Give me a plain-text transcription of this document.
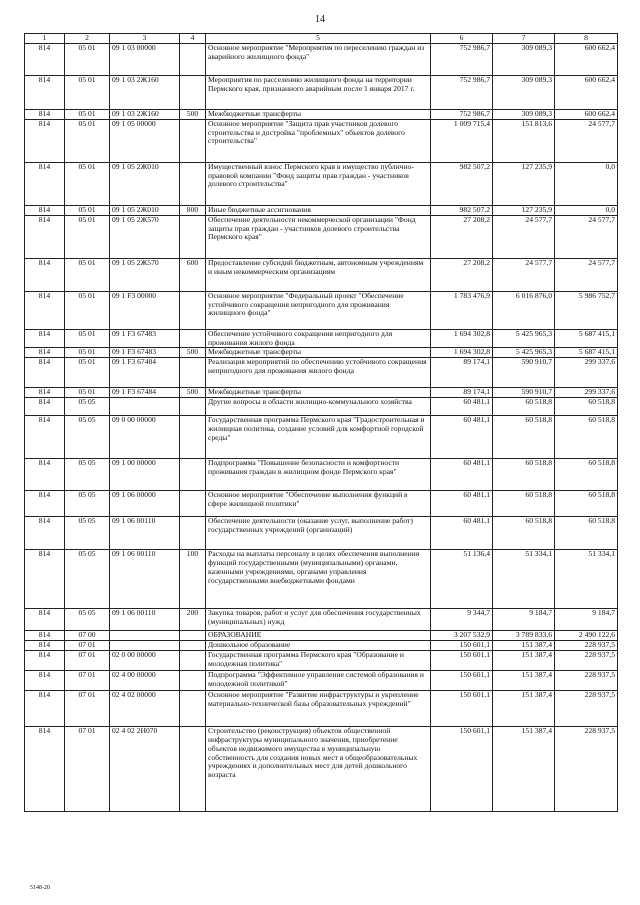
14
1	2	3	4	5	6	7	8
814	05 01	09 1 03 00000		Основное мероприятие "Мероприятия по переселению граждан из аварийного жилищного фонда"	752 986,7	309 089,3	600 662,4
814	05 01	09 1 03 2Ж160		Мероприятия по расселению жилищного фонда на территории Пермского края, признанного аварийным после 1 января 2017 г.	752 986,7	309 089,3	600 662,4
814	05 01	09 1 03 2Ж160	500	Межбюджетные трансферты	752 986,7	309 089,3	600 662,4
814	05 01	09 1 05 00000		Основное мероприятие "Защита прав участников долевого строительства и достройка "проблемных" объектов долевого строительства"	1 009 715,4	151 813,6	24 577,7
814	05 01	09 1 05 2Ж010		Имущественный взнос Пермского края в имущество публично-правовой компании "Фонд защиты прав граждан - участников долевого строительства"	982 507,2	127 235,9	0,0
814	05 01	09 1 05 2Ж010	800	Иные бюджетные ассигнования	982 507,2	127 235,9	0,0
814	05 01	09 1 05 2Ж570		Обеспечение деятельности некоммерческой организации "Фонд защиты прав граждан - участников долевого строительства Пермского края"	27 208,2	24 577,7	24 577,7
814	05 01	09 1 05 2Ж570	600	Предоставление субсидий бюджетным, автономным учреждениям и иным некоммерческим организациям	27 208,2	24 577,7	24 577,7
814	05 01	09 1 F3 00000		Основное мероприятие "Федеральный проект "Обеспечение устойчивого сокращения непригодного для проживания жилищного фонда"	1 783 476,9	6 016 876,0	5 986 752,7
814	05 01	09 1 F3 67483		Обеспечение устойчивого сокращения непригодного для проживания жилого фонда	1 694 302,8	5 425 965,3	5 687 415,1
814	05 01	09 1 F3 67483	500	Межбюджетные трансферты	1 694 302,8	5 425 965,3	5 687 415,1
814	05 01	09 1 F3 67484		Реализация мероприятий по обеспечению устойчивого сокращения непригодного для проживания жилого фонда	89 174,1	590 910,7	299 337,6
814	05 01	09 1 F3 67484	500	Межбюджетные трансферты	89 174,1	590 910,7	299 337,6
814	05 05			Другие вопросы в области жилищно-коммунального хозяйства	60 481,1	60 518,8	60 518,8
814	05 05	09 0 00 00000		Государственная программа Пермского края "Градостроительная и жилищная политика, создание условий для комфортной городской среды"	60 481,1	60 518,8	60 518,8
814	05 05	09 1 00 00000		Подпрограмма "Повышение безопасности и комфортности проживания граждан в жилищном фонде Пермского края"	60 481,1	60 518,8	60 518,8
814	05 05	09 1 06 00000		Основное мероприятие "Обеспечение выполнения функций в сфере жилищной политики"	60 481,1	60 518,8	60 518,8
814	05 05	09 1 06 00110		Обеспечение деятельности (оказание услуг, выполнение работ) государственных учреждений (организаций)	60 481,1	60 518,8	60 518,8
814	05 05	09 1 06 00110	100	Расходы на выплаты персоналу в целях обеспечения выполнения функций государственными (муниципальными) органами, казенными учреждениями, органами управления государственными внебюджетными фондами	51 136,4	51 334,1	51 334,1
814	05 05	09 1 06 00110	200	Закупка товаров, работ и услуг для обеспечения государственных (муниципальных) нужд	9 344,7	9 184,7	9 184,7
814	07 00			ОБРАЗОВАНИЕ	3 207 532,9	3 789 833,6	2 490 122,6
814	07 01			Дошкольное образование	150 601,1	151 387,4	228 937,5
814	07 01	02 0 00 00000		Государственная программа Пермского края "Образование и молодежная политика"	150 601,1	151 387,4	228 937,5
814	07 01	02 4 00 00000		Подпрограмма "Эффективное управление системой образования и молодежной политикой"	150 601,1	151 387,4	228 937,5
814	07 01	02 4 02 00000		Основное мероприятие "Развитие инфраструктуры и укрепление материально-технической базы образовательных учреждений"	150 601,1	151 387,4	228 937,5
814	07 01	02 4 02 2Н070		Строительство (реконструкция) объектов общественной инфраструктуры муниципального значения, приобретение объектов недвижимого имущества в муниципальную собственность для создания новых мест в общеобразовательных учреждениях и дополнительных мест для детей дошкольного возраста	150 601,1	151 387,4	228 937,5
5148-20
